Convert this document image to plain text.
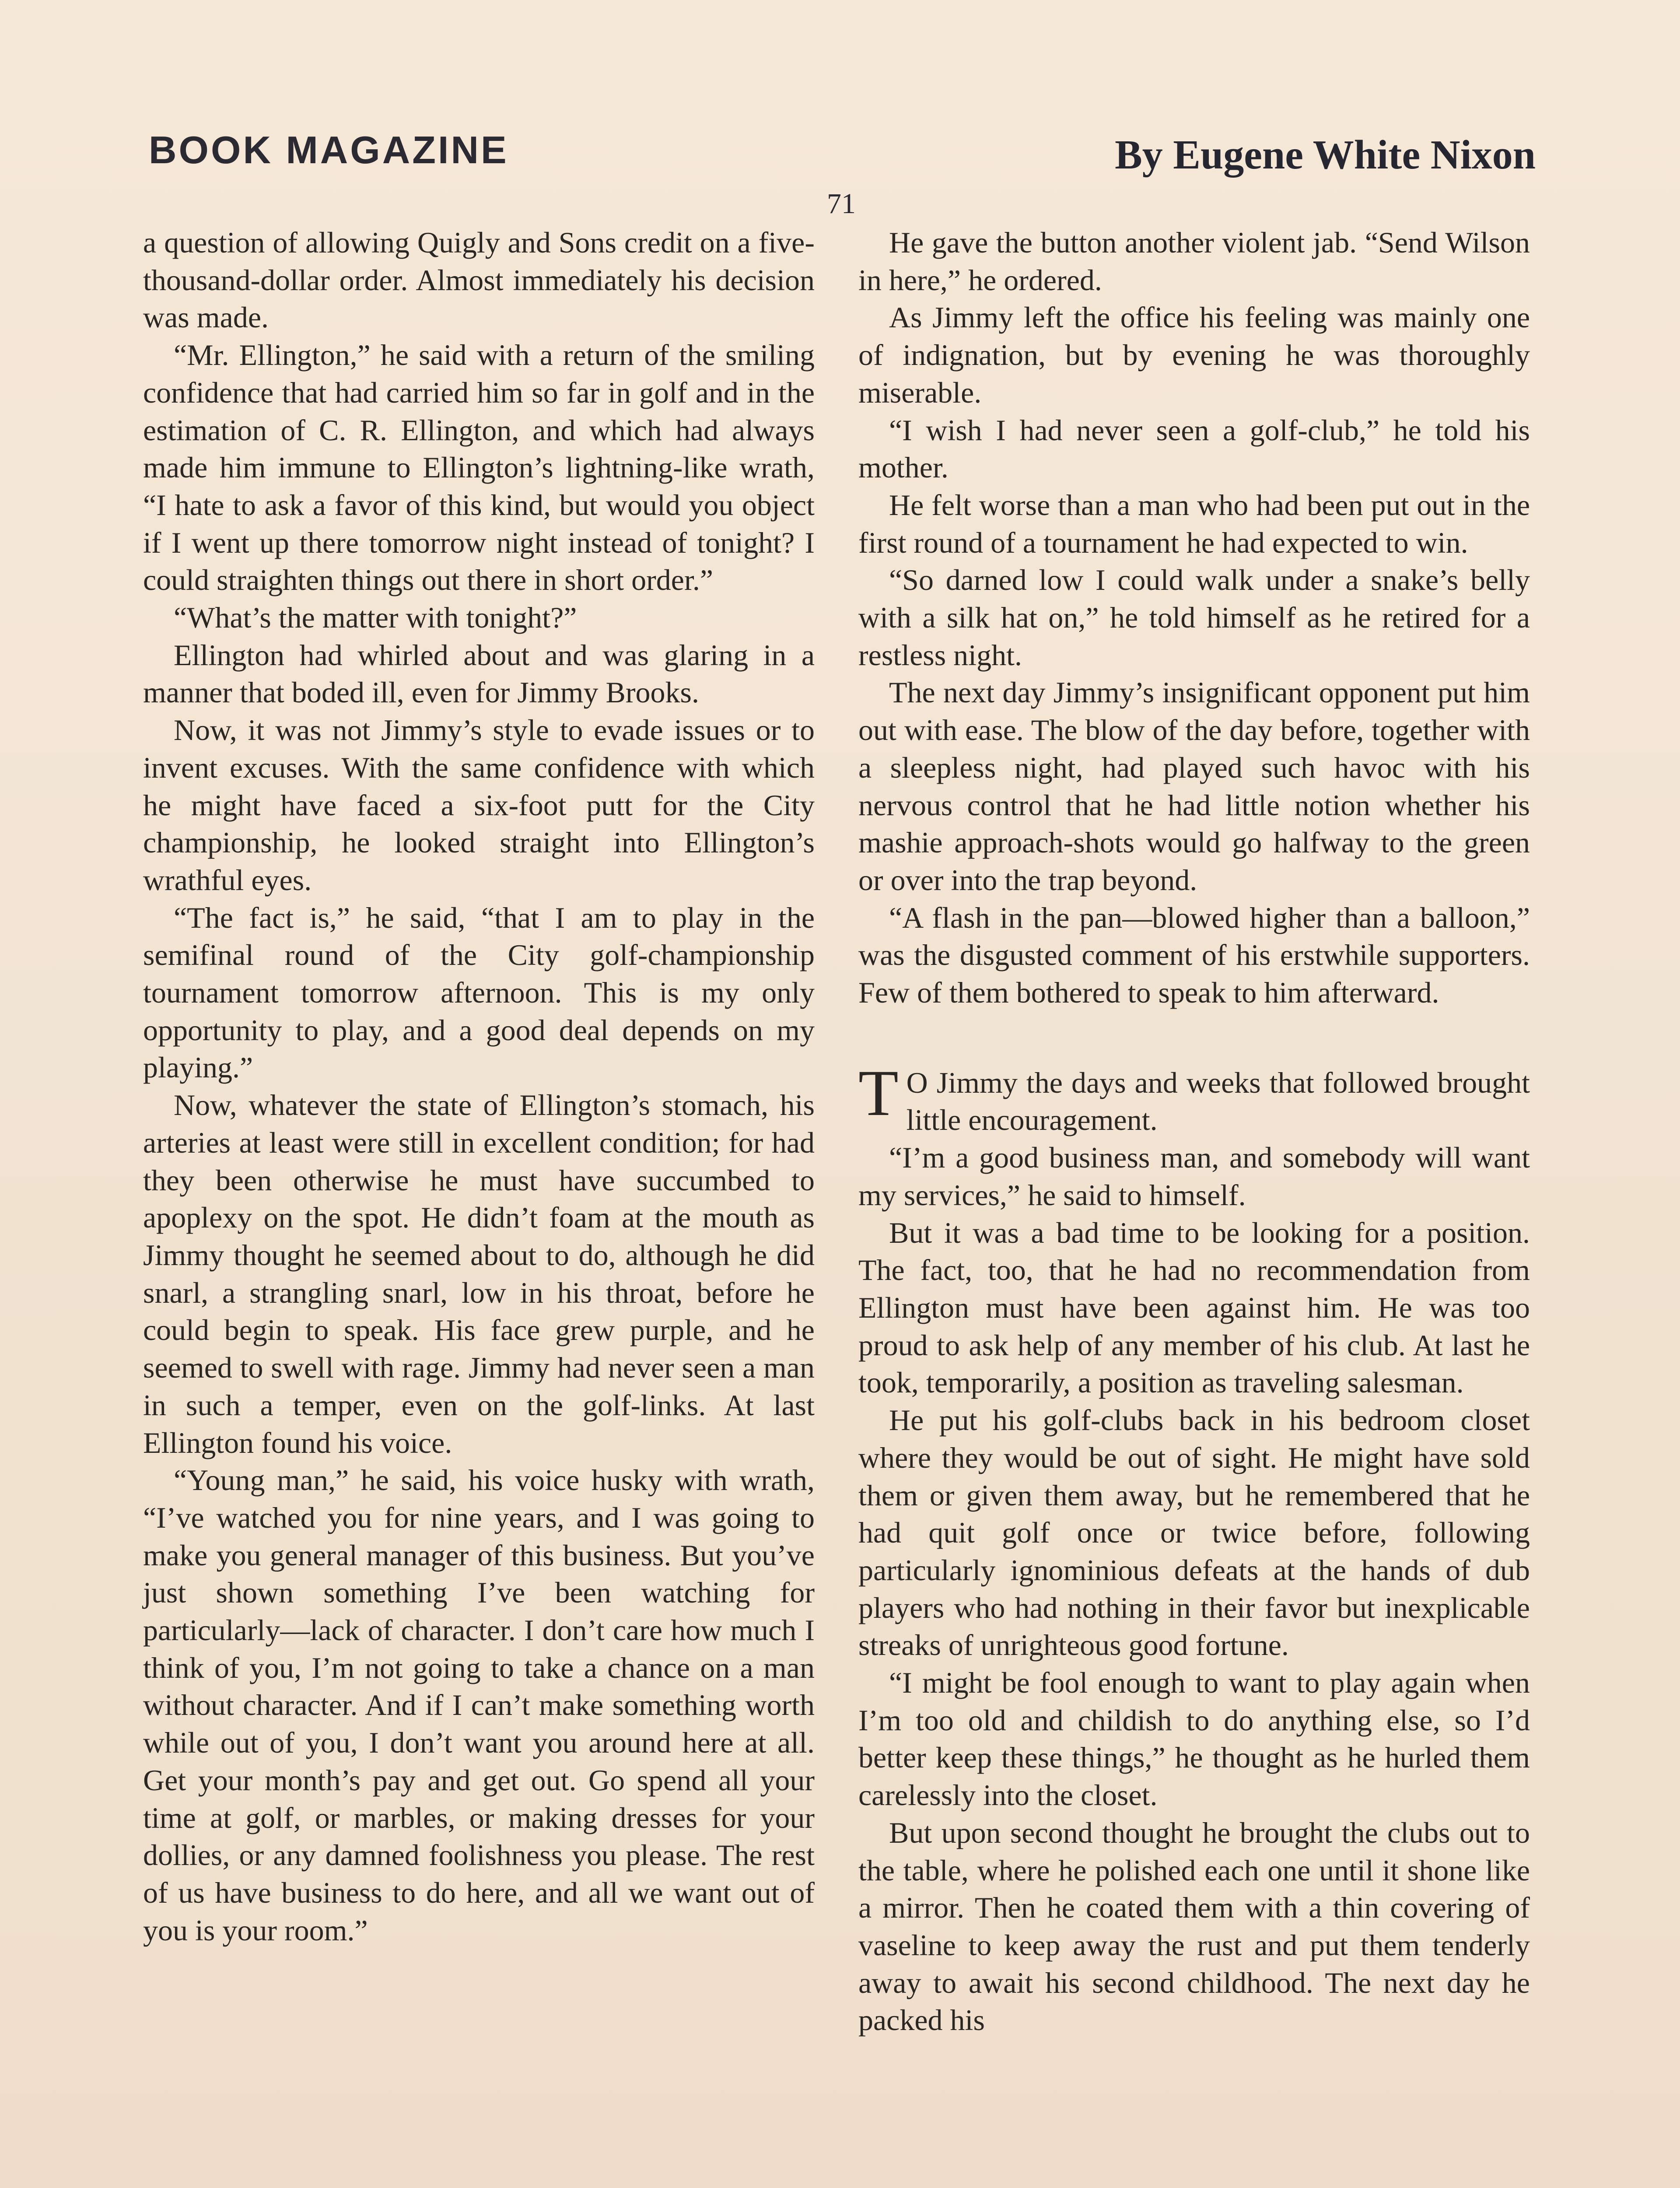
BOOK MAGAZINE	By Eugene White Nixon
71

a question of allowing Quigly and Sons credit on a five-thousand-dollar order. Almost immediately his decision was made.

“Mr. Ellington,” he said with a return of the smiling confidence that had carried him so far in golf and in the estimation of C. R. Ellington, and which had always made him immune to Ellington’s lightning-like wrath, “I hate to ask a favor of this kind, but would you object if I went up there tomorrow night instead of tonight? I could straighten things out there in short order.”

“What’s the matter with tonight?”

Ellington had whirled about and was glaring in a manner that boded ill, even for Jimmy Brooks.

Now, it was not Jimmy’s style to evade issues or to invent excuses. With the same confidence with which he might have faced a six-foot putt for the City championship, he looked straight into Ellington’s wrathful eyes.

“The fact is,” he said, “that I am to play in the semifinal round of the City golf-championship tournament tomorrow afternoon. This is my only opportunity to play, and a good deal depends on my playing.”

Now, whatever the state of Ellington’s stomach, his arteries at least were still in excellent condition; for had they been otherwise he must have succumbed to apoplexy on the spot. He didn’t foam at the mouth as Jimmy thought he seemed about to do, although he did snarl, a strangling snarl, low in his throat, before he could begin to speak. His face grew purple, and he seemed to swell with rage. Jimmy had never seen a man in such a temper, even on the golf-links. At last Ellington found his voice.

“Young man,” he said, his voice husky with wrath, “I’ve watched you for nine years, and I was going to make you general manager of this business. But you’ve just shown something I’ve been watching for particularly—lack of character. I don’t care how much I think of you, I’m not going to take a chance on a man without character. And if I can’t make something worth while out of you, I don’t want you around here at all. Get your month’s pay and get out. Go spend all your time at golf, or marbles, or making dresses for your dollies, or any damned foolishness you please. The rest of us have business to do here, and all we want out of you is your room.”

He gave the button another violent jab. “Send Wilson in here,” he ordered.

As Jimmy left the office his feeling was mainly one of indignation, but by evening he was thoroughly miserable.

“I wish I had never seen a golf-club,” he told his mother.

He felt worse than a man who had been put out in the first round of a tournament he had expected to win.

“So darned low I could walk under a snake’s belly with a silk hat on,” he told himself as he retired for a restless night.

The next day Jimmy’s insignificant opponent put him out with ease. The blow of the day before, together with a sleepless night, had played such havoc with his nervous control that he had little notion whether his mashie approach-shots would go halfway to the green or over into the trap beyond.

“A flash in the pan—blowed higher than a balloon,” was the disgusted comment of his erstwhile supporters. Few of them bothered to speak to him afterward.

T O Jimmy the days and weeks that followed brought little encouragement.

“I’m a good business man, and somebody will want my services,” he said to himself.

But it was a bad time to be looking for a position. The fact, too, that he had no recommendation from Ellington must have been against him. He was too proud to ask help of any member of his club. At last he took, temporarily, a position as traveling salesman.

He put his golf-clubs back in his bedroom closet where they would be out of sight. He might have sold them or given them away, but he remembered that he had quit golf once or twice before, following particularly ignominious defeats at the hands of dub players who had nothing in their favor but inexplicable streaks of unrighteous good fortune.

“I might be fool enough to want to play again when I’m too old and childish to do anything else, so I’d better keep these things,” he thought as he hurled them carelessly into the closet.

But upon second thought he brought the clubs out to the table, where he polished each one until it shone like a mirror. Then he coated them with a thin covering of vaseline to keep away the rust and put them tenderly away to await his second childhood. The next day he packed his
